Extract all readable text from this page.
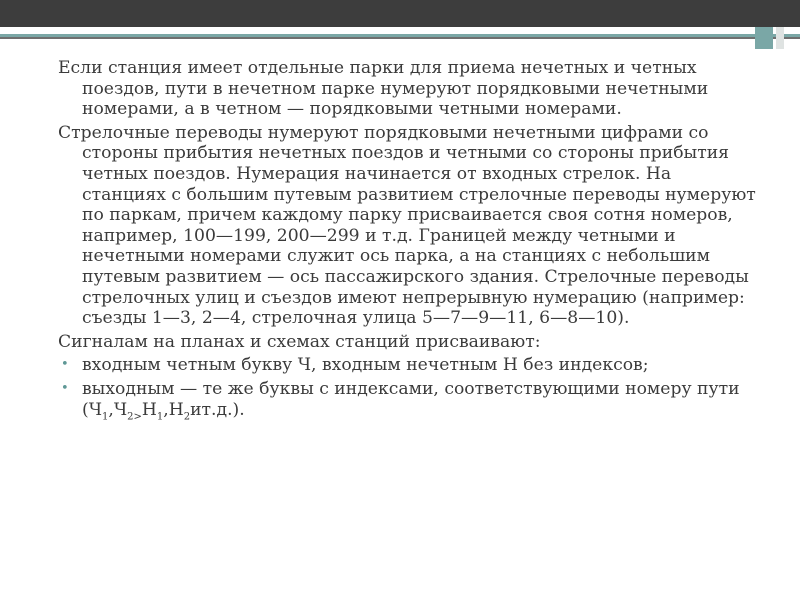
Если станция имеет отдельные парки для приема нечетных и четных поездов, пути в нечетном парке нумеруют порядковыми нечетными номерами, а в четном — порядковыми четными номерами.

Стрелочные переводы нумеруют порядковыми нечетными цифрами со стороны прибытия нечетных поездов и четными со стороны прибытия четных поездов. Нумерация начинается от входных стрелок. На станциях с большим путевым развитием стрелочные переводы нумеруют по паркам, причем каждому парку присваивается своя сотня номеров, например, 100—199, 200—299 и т.д. Границей между четными и нечетными номерами служит ось парка, а на станциях с небольшим путевым развитием — ось пассажирского здания. Стрелочные переводы стрелочных улиц и съездов имеют непрерывную нумерацию (например: съезды 1—3, 2—4, стрелочная улица 5—7—9—11, 6—8—10).

Сигналам на планах и схемах станций присваивают:

• входным четным букву Ч, входным нечетным Н без индексов;
• выходным — те же буквы с индексами, соответствующими номеру пути
$(Ч_1,Ч_{2>}Н_1,Н_2ит.д.)$.
